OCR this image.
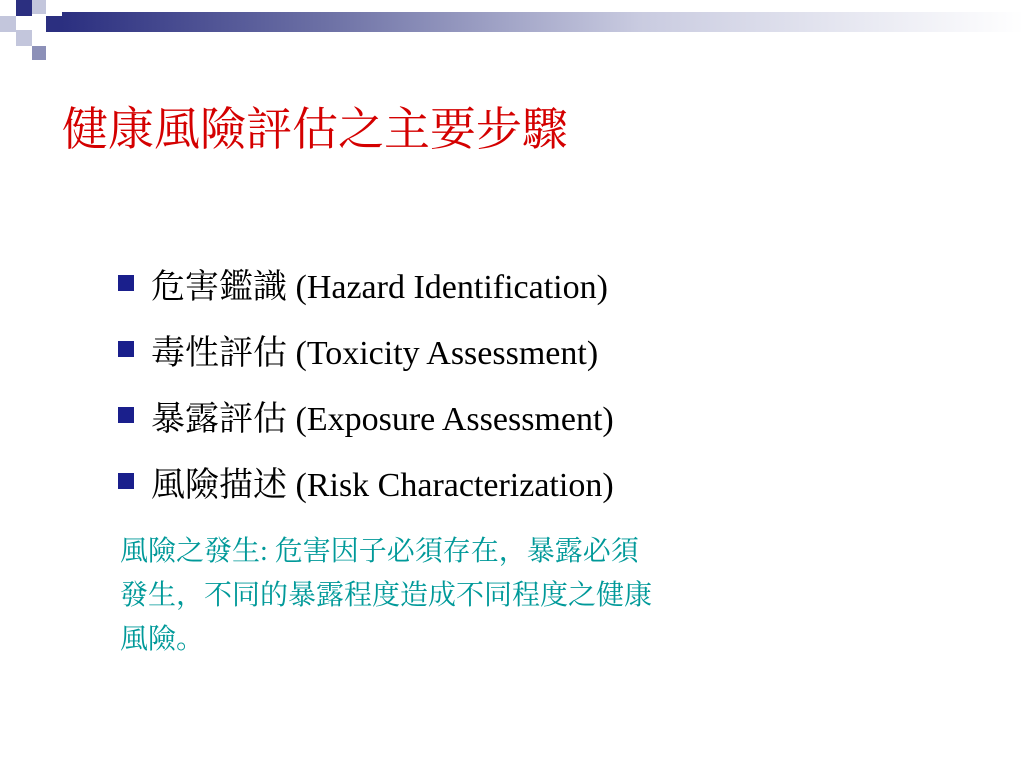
健康風險評估之主要步驟
危害鑑識 (Hazard Identification)
毒性評估 (Toxicity Assessment)
暴露評估 (Exposure Assessment)
風險描述 (Risk Characterization)
風險之發生: 危害因子必須存在，暴露必須
發生，不同的暴露程度造成不同程度之健康
風險。
